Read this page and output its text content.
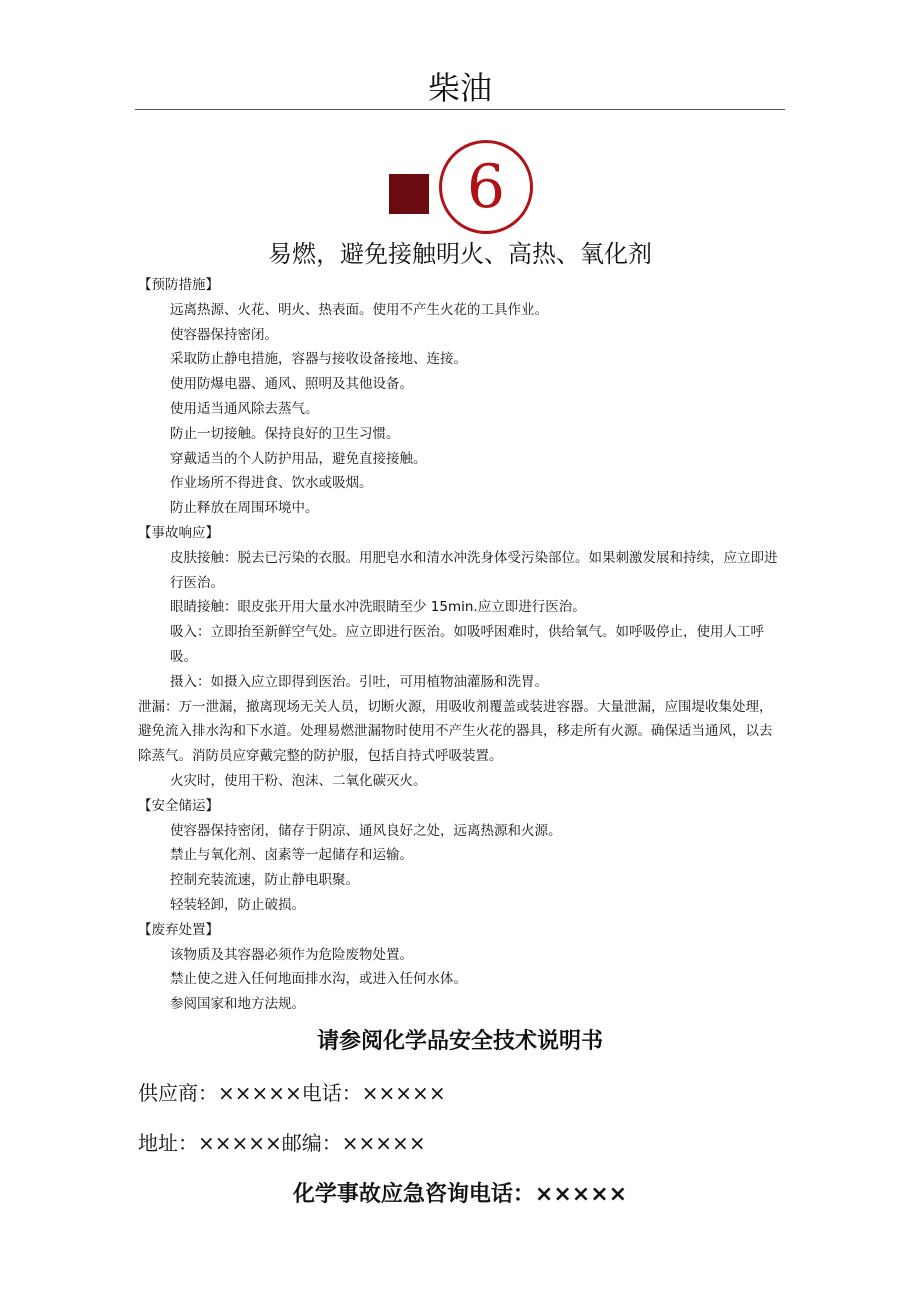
柴油
6
易燃，避免接触明火、高热、氧化剂

【预防措施】

远离热源、火花、明火、热表面。使用不产生火花的工具作业。

使容器保持密闭。

采取防止静电措施，容器与接收设备接地、连接。

使用防爆电器、通风、照明及其他设备。

使用适当通风除去蒸气。

防止一切接触。保持良好的卫生习惯。

穿戴适当的个人防护用品，避免直接接触。

作业场所不得进食、饮水或吸烟。

防止释放在周围环境中。

【事故响应】

皮肤接触：脱去已污染的衣服。用肥皂水和清水冲洗身体受污染部位。如果刺激发展和持续，应立即进行医治。

眼睛接触：眼皮张开用大量水冲洗眼睛至少 15min.应立即进行医治。

吸入：立即抬至新鲜空气处。应立即进行医治。如吸呼困难时，供给氧气。如呼吸停止，使用人工呼吸。

摄入：如摄入应立即得到医治。引吐，可用植物油灌肠和洗胃。

泄漏：万一泄漏，撤离现场无关人员，切断火源，用吸收剂覆盖或装进容器。大量泄漏，应围堤收集处理，避免流入排水沟和下水道。处理易燃泄漏物时使用不产生火花的器具，移走所有火源。确保适当通风，以去除蒸气。消防员应穿戴完整的防护服，包括自持式呼吸装置。

火灾时，使用干粉、泡沫、二氧化碳灭火。

【安全储运】

使容器保持密闭，储存于阴凉、通风良好之处，远离热源和火源。

禁止与氧化剂、卤素等一起储存和运输。

控制充装流速，防止静电职聚。

轻装轻卸，防止破损。

【废弃处置】

该物质及其容器必须作为危险废物处置。

禁止使之进入任何地面排水沟，或进入任何水体。

参阅国家和地方法规。

请参阅化学品安全技术说明书
供应商：×××××电话：×××××
地址：×××××邮编：×××××
化学事故应急咨询电话：×××××
